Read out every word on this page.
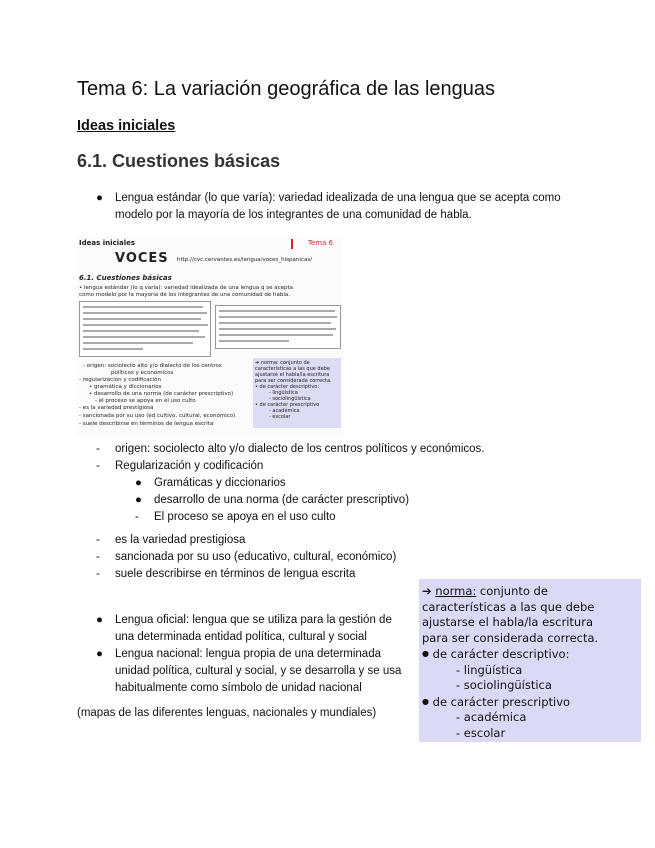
Tema 6: La variación geográfica de las lenguas
Ideas iniciales
6.1. Cuestiones básicas
● Lengua estándar (lo que varía): variedad idealizada de una lengua que se acepta como
modelo por la mayoría de los integrantes de una comunidad de habla.
Ideas iniciales	Tema 6
VOCES http://cvc.cervantes.es/lengua/voces_hispanicas/
6.1. Cuestiones básicas
• lengua estándar (lo q varía): variedad idealizada de una lengua q se acepta
como modelo por la mayoría de los integrantes de una comunidad de habla.
- origen: sociolecto alto y/o dialecto de los centros
políticos y económicos
- regularización y codificación
• gramática y diccionarios
• desarrollo de una norma (de carácter prescriptivo)
- el proceso se apoya en el uso culto
- es la variedad prestigiosa
- sancionada por su uso (ed cultivo, cultural, económico)
- suele describirse en términos de lengua escrita
➔ norma: conjunto de
características a las que debe
ajustarse el habla/la escritura
para ser considerada correcta.
• de carácter descriptivo:
- lingüística
- sociolingüística
• de carácter prescriptivo
- académica
- escolar
- origen: sociolecto alto y/o dialecto de los centros políticos y económicos.
- Regularización y codificación
● Gramáticas y diccionarios
● desarrollo de una norma (de carácter prescriptivo)
- El proceso se apoya en el uso culto
- es la variedad prestigiosa
- sancionada por su uso (educativo, cultural, económico)
- suele describirse en términos de lengua escrita
● Lengua oficial: lengua que se utiliza para la gestión de
una determinada entidad política, cultural y social
● Lengua nacional: lengua propia de una determinada
unidad política, cultural y social, y se desarrolla y se usa
habitualmente como símbolo de unidad nacional
(mapas de las diferentes lenguas, nacionales y mundiales)
➔ norma: conjunto de
características a las que debe
ajustarse el habla/la escritura
para ser considerada correcta.
● de carácter descriptivo:
- lingüística
- sociolingüística
● de carácter prescriptivo
- académica
- escolar
